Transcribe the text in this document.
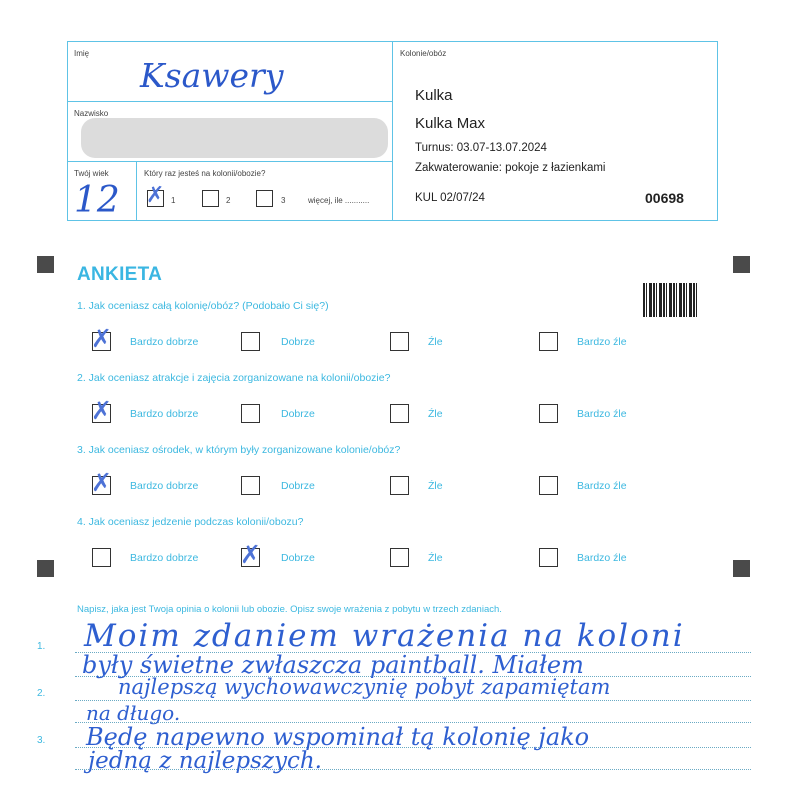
Imię
Ksawery
Nazwisko
Twój wiek
12
Który raz jesteś na kolonii/obozie?
✗ 1	2	3	więcej, ile ...........
Kolonie/obóz
Kulka
Kulka Max
Turnus: 03.07-13.07.2024
Zakwaterowanie: pokoje z łazienkami
KUL 02/07/24	00698
ANKIETA
1. Jak oceniasz całą kolonię/obóz? (Podobało Ci się?)
2. Jak oceniasz atrakcje i zajęcia zorganizowane na kolonii/obozie?
3. Jak oceniasz ośrodek, w którym były zorganizowane kolonie/obóz?
4. Jak oceniasz jedzenie podczas kolonii/obozu?
✗ Bardzo dobrze	Dobrze	Źle	Bardzo źle
✗ Bardzo dobrze	Dobrze	Źle	Bardzo źle
✗ Bardzo dobrze	Dobrze	Źle	Bardzo źle
Bardzo dobrze ✗ Dobrze	Źle	Bardzo źle
Napisz, jaka jest Twoja opinia o kolonii lub obozie. Opisz swoje wrażenia z pobytu w trzech zdaniach.
1.
2.
3.
Moim zdaniem wrażenia na koloni
były świetne zwłaszcza paintball. Miałem
najlepszą wychowawczynię pobyt zapamiętam
na długo.
Będę napewno wspominał tą kolonię jako
jedną z najlepszych.
